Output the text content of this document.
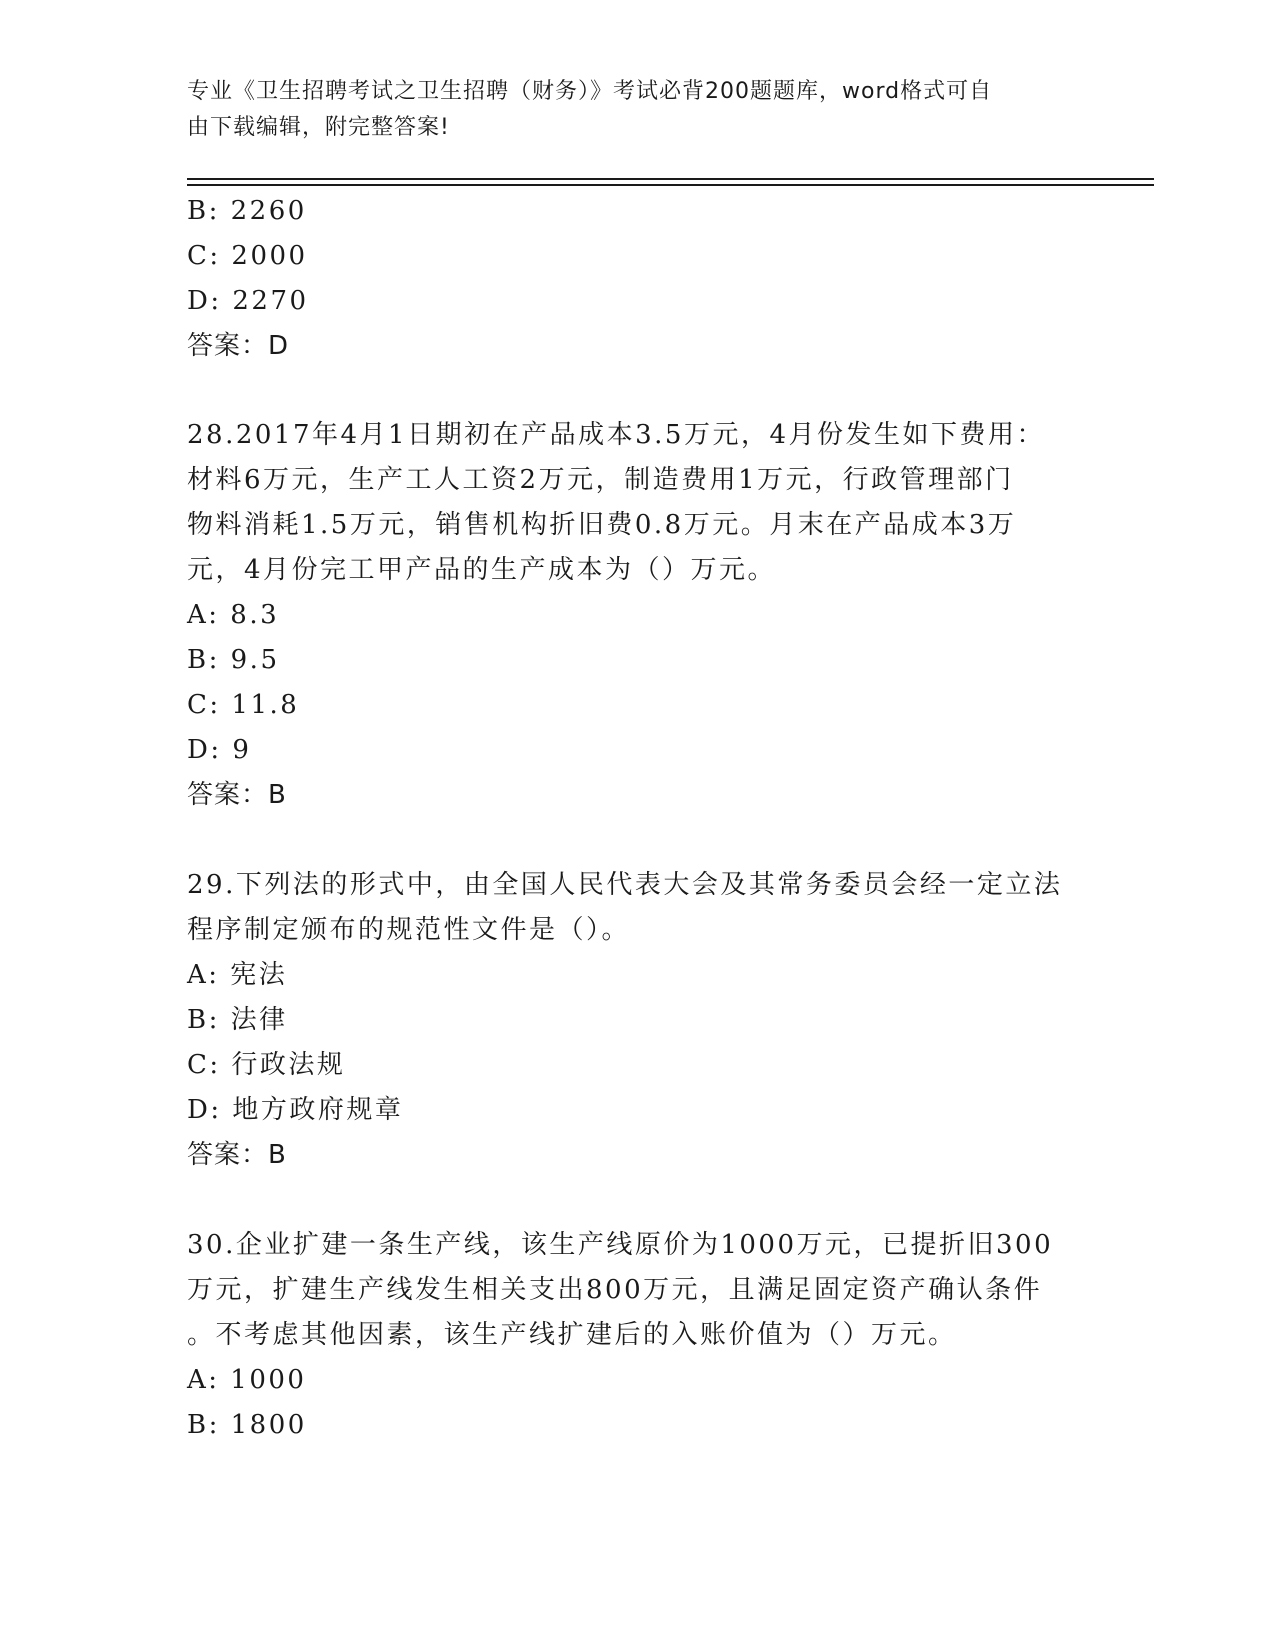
专业《卫生招聘考试之卫生招聘（财务）》考试必背200题题库，word格式可自
由下载编辑，附完整答案!
B: 2260
C: 2000
D: 2270
答案：D
28.2017年4月1日期初在产品成本3.5万元，4月份发生如下费用：
材料6万元，生产工人工资2万元，制造费用1万元，行政管理部门
物料消耗1.5万元，销售机构折旧费0.8万元。月末在产品成本3万
元，4月份完工甲产品的生产成本为（）万元。
A: 8.3
B: 9.5
C: 11.8
D: 9
答案：B
29.下列法的形式中，由全国人民代表大会及其常务委员会经一定立法
程序制定颁布的规范性文件是（）。
A: 宪法
B: 法律
C: 行政法规
D: 地方政府规章
答案：B
30.企业扩建一条生产线，该生产线原价为1000万元，已提折旧300
万元，扩建生产线发生相关支出800万元，且满足固定资产确认条件
。不考虑其他因素，该生产线扩建后的入账价值为（）万元。
A: 1000
B: 1800
